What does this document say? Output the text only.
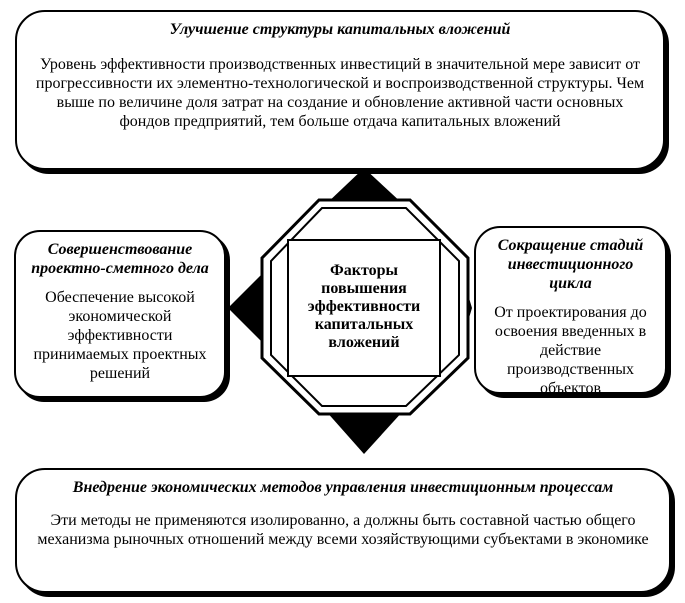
Улучшение структуры капитальных вложений
Уровень эффективности производственных инвестиций в значительной мере зависит от прогрессивности их элементно-технологической и воспроизводственной структуры. Чем выше по величине доля затрат на создание и обновление активной части основных фондов предприятий, тем больше отдача капитальных вложений
Совершенствование проектно-сметного дела
Обеспечение высокой экономической эффективности принимаемых проектных решений
Сокращение стадий инвестиционного цикла
От проектирования до освоения введенных в действие производственных объектов
Внедрение экономических методов управления инвестиционным процессам
Эти методы не применяются изолированно, а должны быть составной частью общего механизма рыночных отношений между всеми хозяйствующими субъектами в экономике
Факторы повышения эффективности капитальных вложений
